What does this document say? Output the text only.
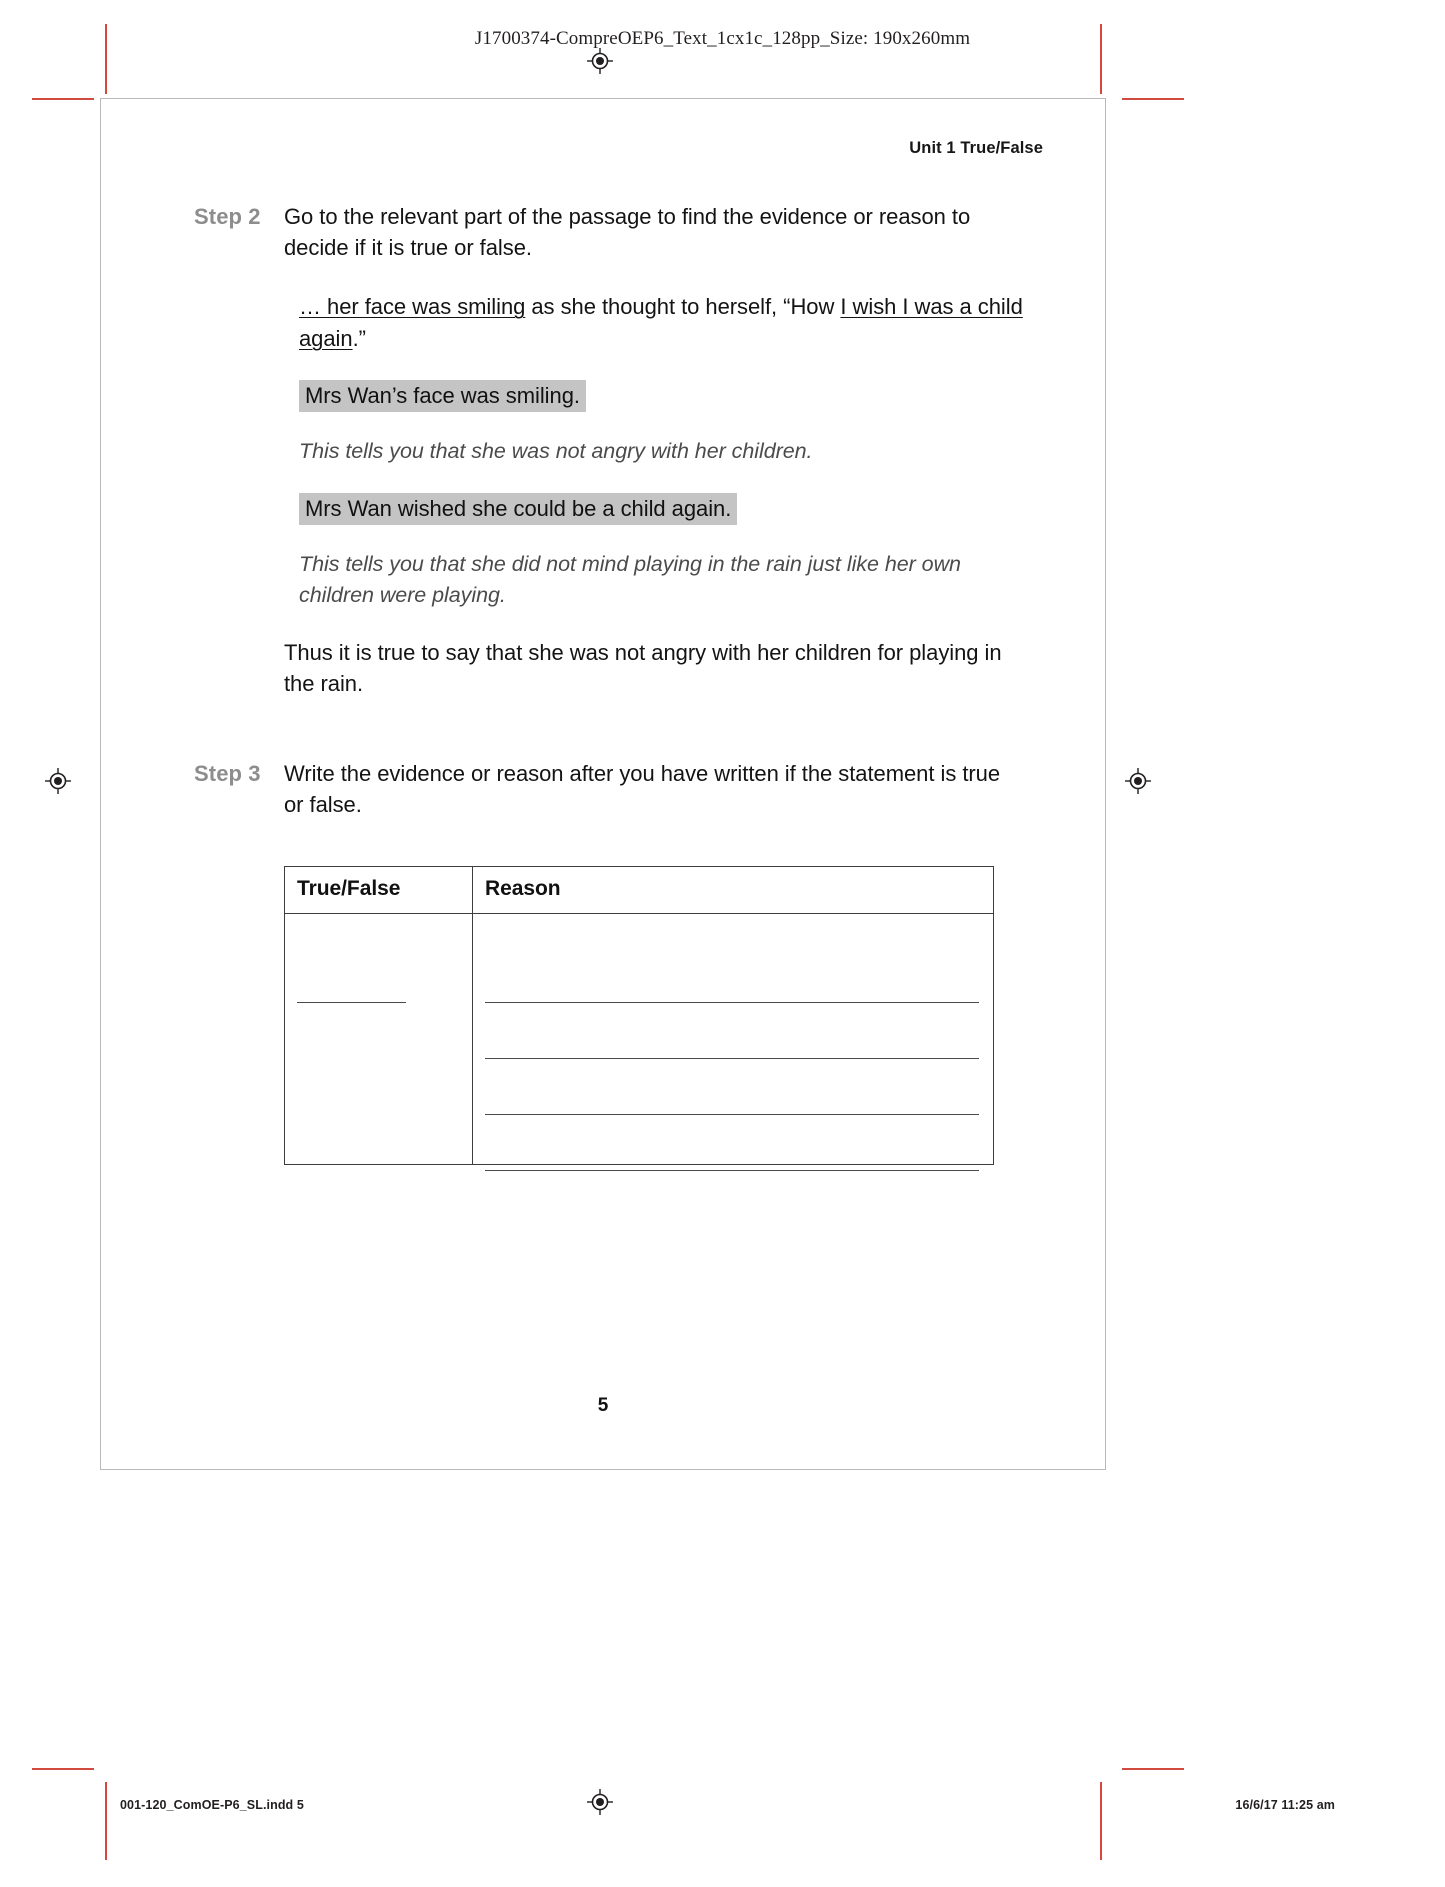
J1700374-CompreOEP6_Text_1cx1c_128pp_Size: 190x260mm
Unit 1 True/False
Step 2	Go to the relevant part of the passage to find the evidence or reason to decide if it is true or false.
… her face was smiling as she thought to herself, “How I wish I was a child again.”
Mrs Wan’s face was smiling.
This tells you that she was not angry with her children.
Mrs Wan wished she could be a child again.
This tells you that she did not mind playing in the rain just like her own children were playing.
Thus it is true to say that she was not angry with her children for playing in the rain.
Step 3	Write the evidence or reason after you have written if the statement is true or false.
True/False	Reason

5
001-120_ComOE-P6_SL.indd 5	16/6/17 11:25 am
